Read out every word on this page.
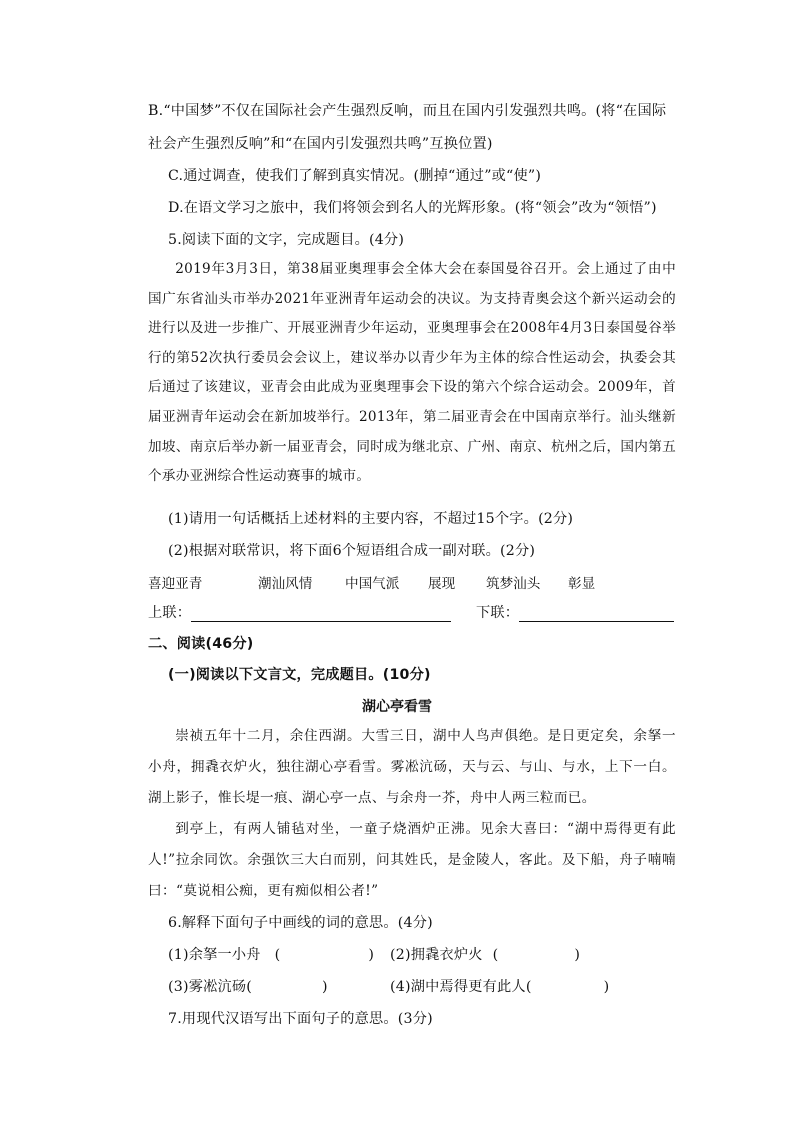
B.“中国梦”不仅在国际社会产生强烈反响，而且在国内引发强烈共鸣。(将“在国际
社会产生强烈反响”和“在国内引发强烈共鸣”互换位置)
C.通过调查，使我们了解到真实情况。(删掉“通过”或“使”)
D.在语文学习之旅中，我们将领会到名人的光辉形象。(将“领会”改为“领悟”)
5.阅读下面的文字，完成题目。(4分)
2019年3月3日，第38届亚奥理事会全体大会在泰国曼谷召开。会上通过了由中国广东省汕头市举办2021年亚洲青年运动会的决议。为支持青奥会这个新兴运动会的进行以及进一步推广、开展亚洲青少年运动，亚奥理事会在2008年4月3日泰国曼谷举行的第52次执行委员会会议上，建议举办以青少年为主体的综合性运动会，执委会其后通过了该建议，亚青会由此成为亚奥理事会下设的第六个综合运动会。2009年，首届亚洲青年运动会在新加坡举行。2013年，第二届亚青会在中国南京举行。汕头继新加坡、南京后举办新一届亚青会，同时成为继北京、广州、南京、杭州之后，国内第五个承办亚洲综合性运动赛事的城市。
(1)请用一句话概括上述材料的主要内容，不超过15个字。(2分)
(2)根据对联常识，将下面6个短语组合成一副对联。(2分)
喜迎亚青	潮汕风情 中国气派 展现 筑梦汕头 彰显
上联：	下联：
二、阅读(46分)
(一)阅读以下文言文，完成题目。(10分)
湖心亭看雪
崇祯五年十二月，余住西湖。大雪三日，湖中人鸟声俱绝。是日更定矣，余拏一小舟，拥毳衣炉火，独往湖心亭看雪。雾凇沆砀，天与云、与山、与水，上下一白。湖上影子，惟长堤一痕、湖心亭一点、与余舟一芥，舟中人两三粒而已。
到亭上，有两人铺毡对坐，一童子烧酒炉正沸。见余大喜曰：“湖中焉得更有此人!”拉余同饮。余强饮三大白而别，问其姓氏，是金陵人，客此。及下船，舟子喃喃曰：“莫说相公痴，更有痴似相公者!”
6.解释下面句子中画线的词的意思。(4分)
(1)余拏一小舟 (	) (2)拥毳衣炉火 (	)
(3)雾凇沆砀(	)	(4)湖中焉得更有此人(	)
7.用现代汉语写出下面句子的意思。(3分)
